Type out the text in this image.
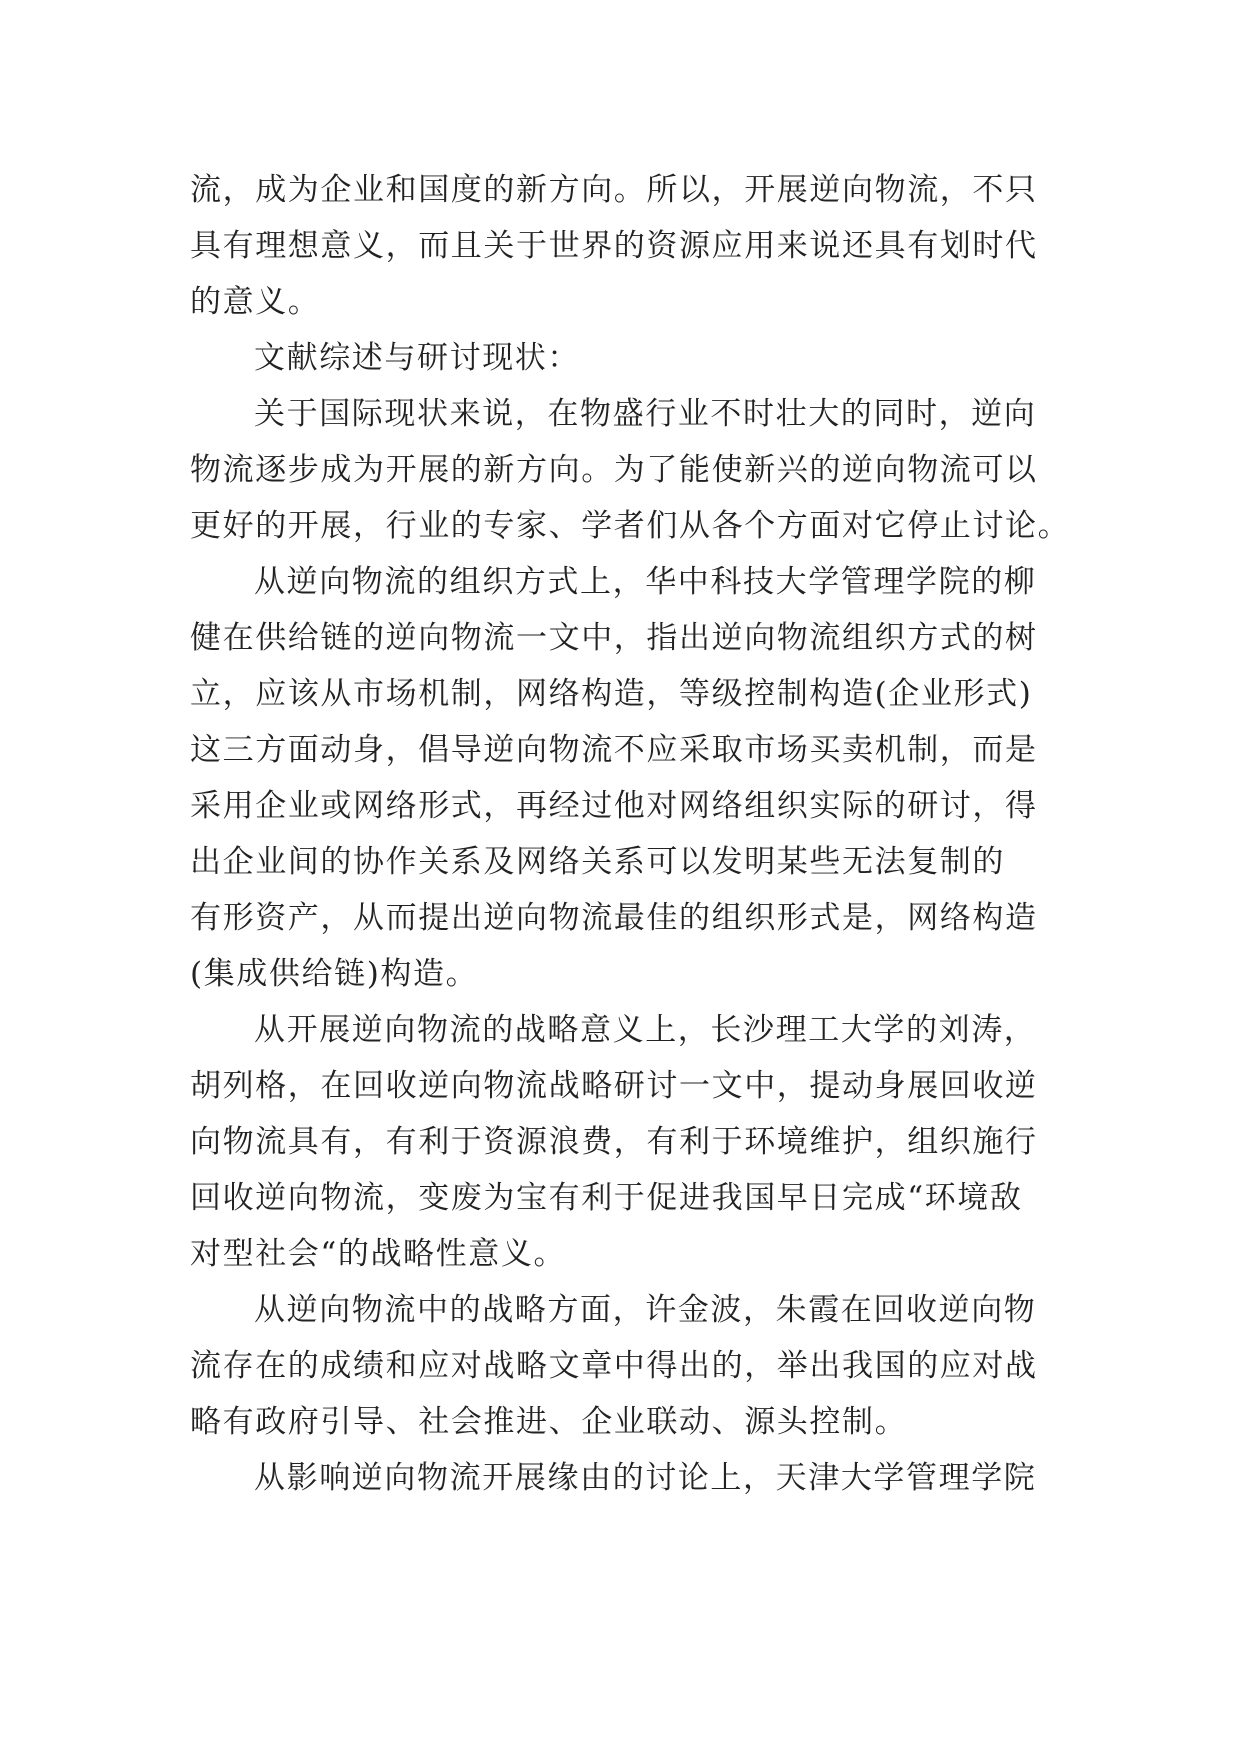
流，成为企业和国度的新方向。所以，开展逆向物流，不只
具有理想意义，而且关于世界的资源应用来说还具有划时代
的意义。
文献综述与研讨现状：
关于国际现状来说，在物盛行业不时壮大的同时，逆向
物流逐步成为开展的新方向。为了能使新兴的逆向物流可以
更好的开展，行业的专家、学者们从各个方面对它停止讨论。
从逆向物流的组织方式上，华中科技大学管理学院的柳
健在供给链的逆向物流一文中，指出逆向物流组织方式的树
立，应该从市场机制，网络构造，等级控制构造(企业形式)
这三方面动身，倡导逆向物流不应采取市场买卖机制，而是
采用企业或网络形式，再经过他对网络组织实际的研讨，得
出企业间的协作关系及网络关系可以发明某些无法复制的
有形资产，从而提出逆向物流最佳的组织形式是，网络构造
(集成供给链)构造。
从开展逆向物流的战略意义上，长沙理工大学的刘涛，
胡列格，在回收逆向物流战略研讨一文中，提动身展回收逆
向物流具有，有利于资源浪费，有利于环境维护，组织施行
回收逆向物流，变废为宝有利于促进我国早日完成“环境敌
对型社会“的战略性意义。
从逆向物流中的战略方面，许金波，朱霞在回收逆向物
流存在的成绩和应对战略文章中得出的，举出我国的应对战
略有政府引导、社会推进、企业联动、源头控制。
从影响逆向物流开展缘由的讨论上，天津大学管理学院
